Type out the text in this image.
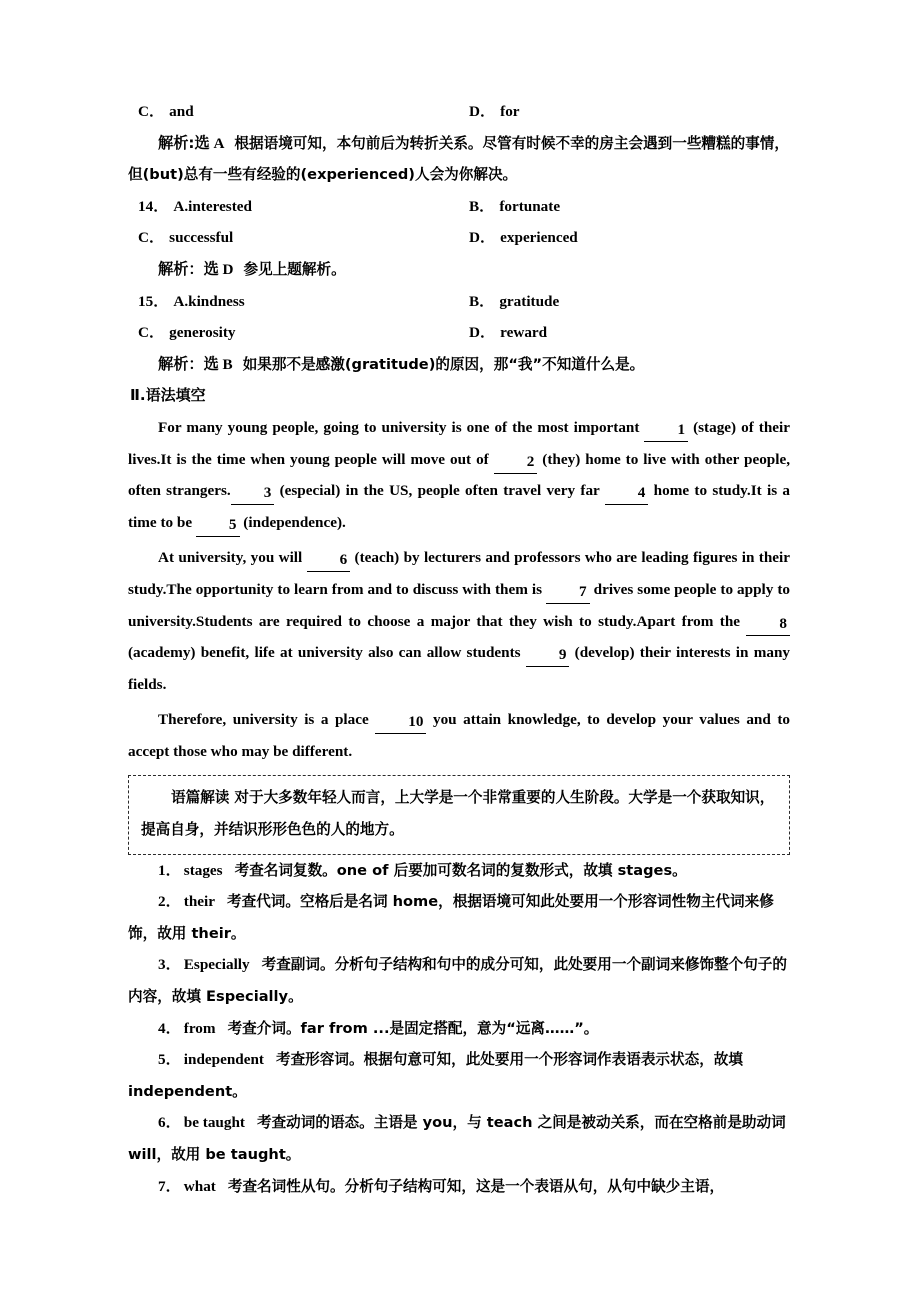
C． and	D． for

解析:选 A 根据语境可知，本句前后为转折关系。尽管有时候不幸的房主会遇到一些糟糕的事情，但(but)总有一些有经验的(experienced)人会为你解决。

14． A.interested	B． fortunate
C． successful	D． experienced

解析：选 D 参见上题解析。

15． A.kindness	B． gratitude
C． generosity	D． reward

解析：选 B 如果那不是感激(gratitude)的原因，那“我”不知道什么是。

Ⅱ.语法填空

For many young people, going to university is one of the most important 1 (stage) of their lives.It is the time when young people will move out of 2 (they) home to live with other people, often strangers. 3 (especial) in the US, people often travel very far 4 home to study.It is a time to be 5 (independence).

At university, you will 6 (teach) by lecturers and professors who are leading figures in their study.The opportunity to learn from and to discuss with them is 7 drives some people to apply to university.Students are required to choose a major that they wish to study.Apart from the 8 (academy) benefit, life at university also can allow students 9 (develop) their interests in many fields.

Therefore, university is a place 10 you attain knowledge, to develop your values and to accept those who may be different.

语篇解读 对于大多数年轻人而言，上大学是一个非常重要的人生阶段。大学是一个获取知识，提高自身，并结识形形色色的人的地方。

1． stages 考查名词复数。one of 后要加可数名词的复数形式，故填 stages。

2． their 考查代词。空格后是名词 home，根据语境可知此处要用一个形容词性物主代词来修饰，故用 their。

3． Especially 考查副词。分析句子结构和句中的成分可知，此处要用一个副词来修饰整个句子的内容，故填 Especially。

4． from 考查介词。far from ...是固定搭配，意为“远离……”。

5． independent 考查形容词。根据句意可知，此处要用一个形容词作表语表示状态，故填 independent。

6． be taught 考查动词的语态。主语是 you，与 teach 之间是被动关系，而在空格前是助动词 will，故用 be taught。

7． what 考查名词性从句。分析句子结构可知，这是一个表语从句，从句中缺少主语，
